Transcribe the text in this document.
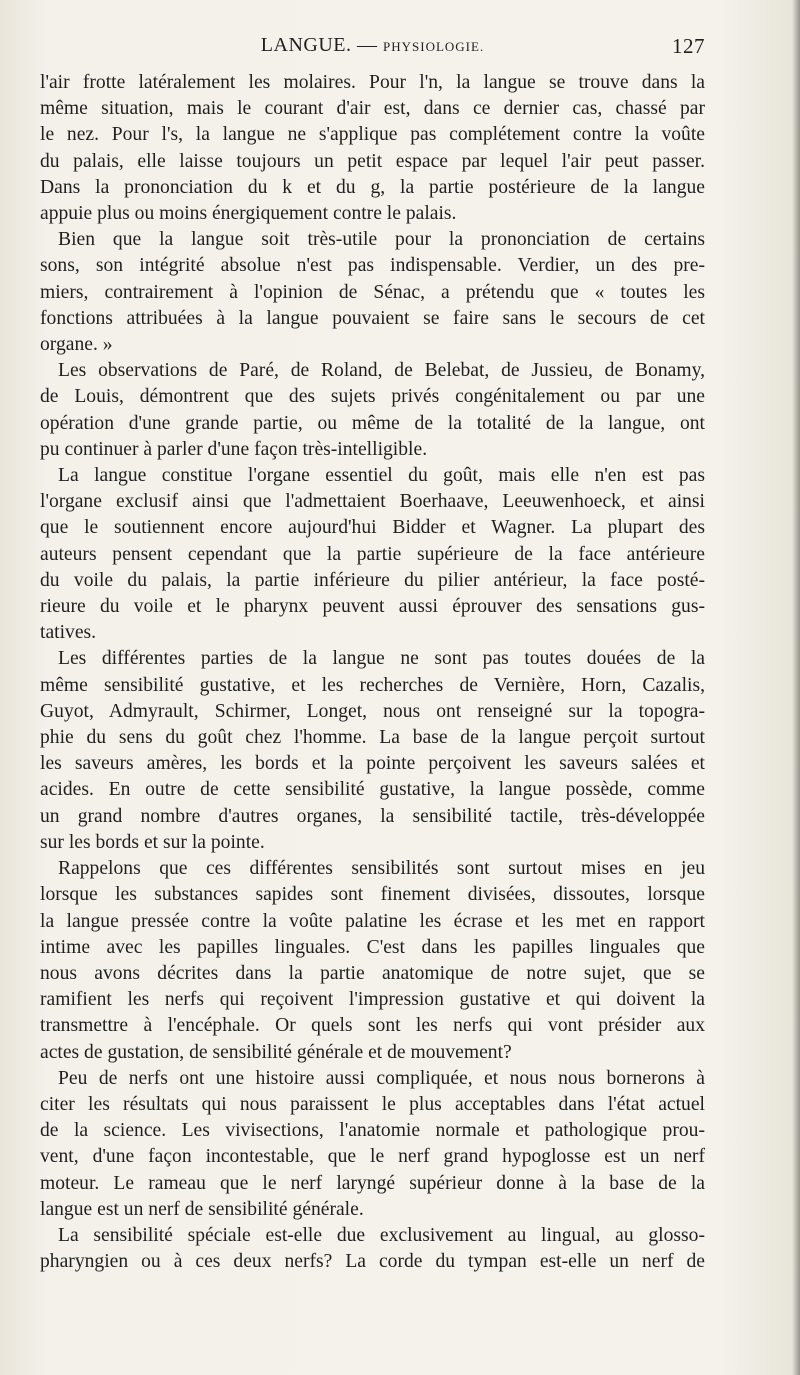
LANGUE. — PHYSIOLOGIE.	127

l'air frotte latéralement les molaires. Pour l'n, la langue se trouve dans la

même situation, mais le courant d'air est, dans ce dernier cas, chassé par

le nez. Pour l's, la langue ne s'applique pas complétement contre la voûte

du palais, elle laisse toujours un petit espace par lequel l'air peut passer.

Dans la prononciation du k et du g, la partie postérieure de la langue

appuie plus ou moins énergiquement contre le palais.

Bien que la langue soit très-utile pour la prononciation de certains

sons, son intégrité absolue n'est pas indispensable. Verdier, un des pre-

miers, contrairement à l'opinion de Sénac, a prétendu que « toutes les

fonctions attribuées à la langue pouvaient se faire sans le secours de cet

organe. »

Les observations de Paré, de Roland, de Belebat, de Jussieu, de Bonamy,

de Louis, démontrent que des sujets privés congénitalement ou par une

opération d'une grande partie, ou même de la totalité de la langue, ont

pu continuer à parler d'une façon très-intelligible.

La langue constitue l'organe essentiel du goût, mais elle n'en est pas

l'organe exclusif ainsi que l'admettaient Boerhaave, Leeuwenhoeck, et ainsi

que le soutiennent encore aujourd'hui Bidder et Wagner. La plupart des

auteurs pensent cependant que la partie supérieure de la face antérieure

du voile du palais, la partie inférieure du pilier antérieur, la face posté-

rieure du voile et le pharynx peuvent aussi éprouver des sensations gus-

tatives.

Les différentes parties de la langue ne sont pas toutes douées de la

même sensibilité gustative, et les recherches de Vernière, Horn, Cazalis,

Guyot, Admyrault, Schirmer, Longet, nous ont renseigné sur la topogra-

phie du sens du goût chez l'homme. La base de la langue perçoit surtout

les saveurs amères, les bords et la pointe perçoivent les saveurs salées et

acides. En outre de cette sensibilité gustative, la langue possède, comme

un grand nombre d'autres organes, la sensibilité tactile, très-développée

sur les bords et sur la pointe.

Rappelons que ces différentes sensibilités sont surtout mises en jeu

lorsque les substances sapides sont finement divisées, dissoutes, lorsque

la langue pressée contre la voûte palatine les écrase et les met en rapport

intime avec les papilles linguales. C'est dans les papilles linguales que

nous avons décrites dans la partie anatomique de notre sujet, que se

ramifient les nerfs qui reçoivent l'impression gustative et qui doivent la

transmettre à l'encéphale. Or quels sont les nerfs qui vont présider aux

actes de gustation, de sensibilité générale et de mouvement?

Peu de nerfs ont une histoire aussi compliquée, et nous nous bornerons à

citer les résultats qui nous paraissent le plus acceptables dans l'état actuel

de la science. Les vivisections, l'anatomie normale et pathologique prou-

vent, d'une façon incontestable, que le nerf grand hypoglosse est un nerf

moteur. Le rameau que le nerf laryngé supérieur donne à la base de la

langue est un nerf de sensibilité générale.

La sensibilité spéciale est-elle due exclusivement au lingual, au glosso-

pharyngien ou à ces deux nerfs? La corde du tympan est-elle un nerf de
